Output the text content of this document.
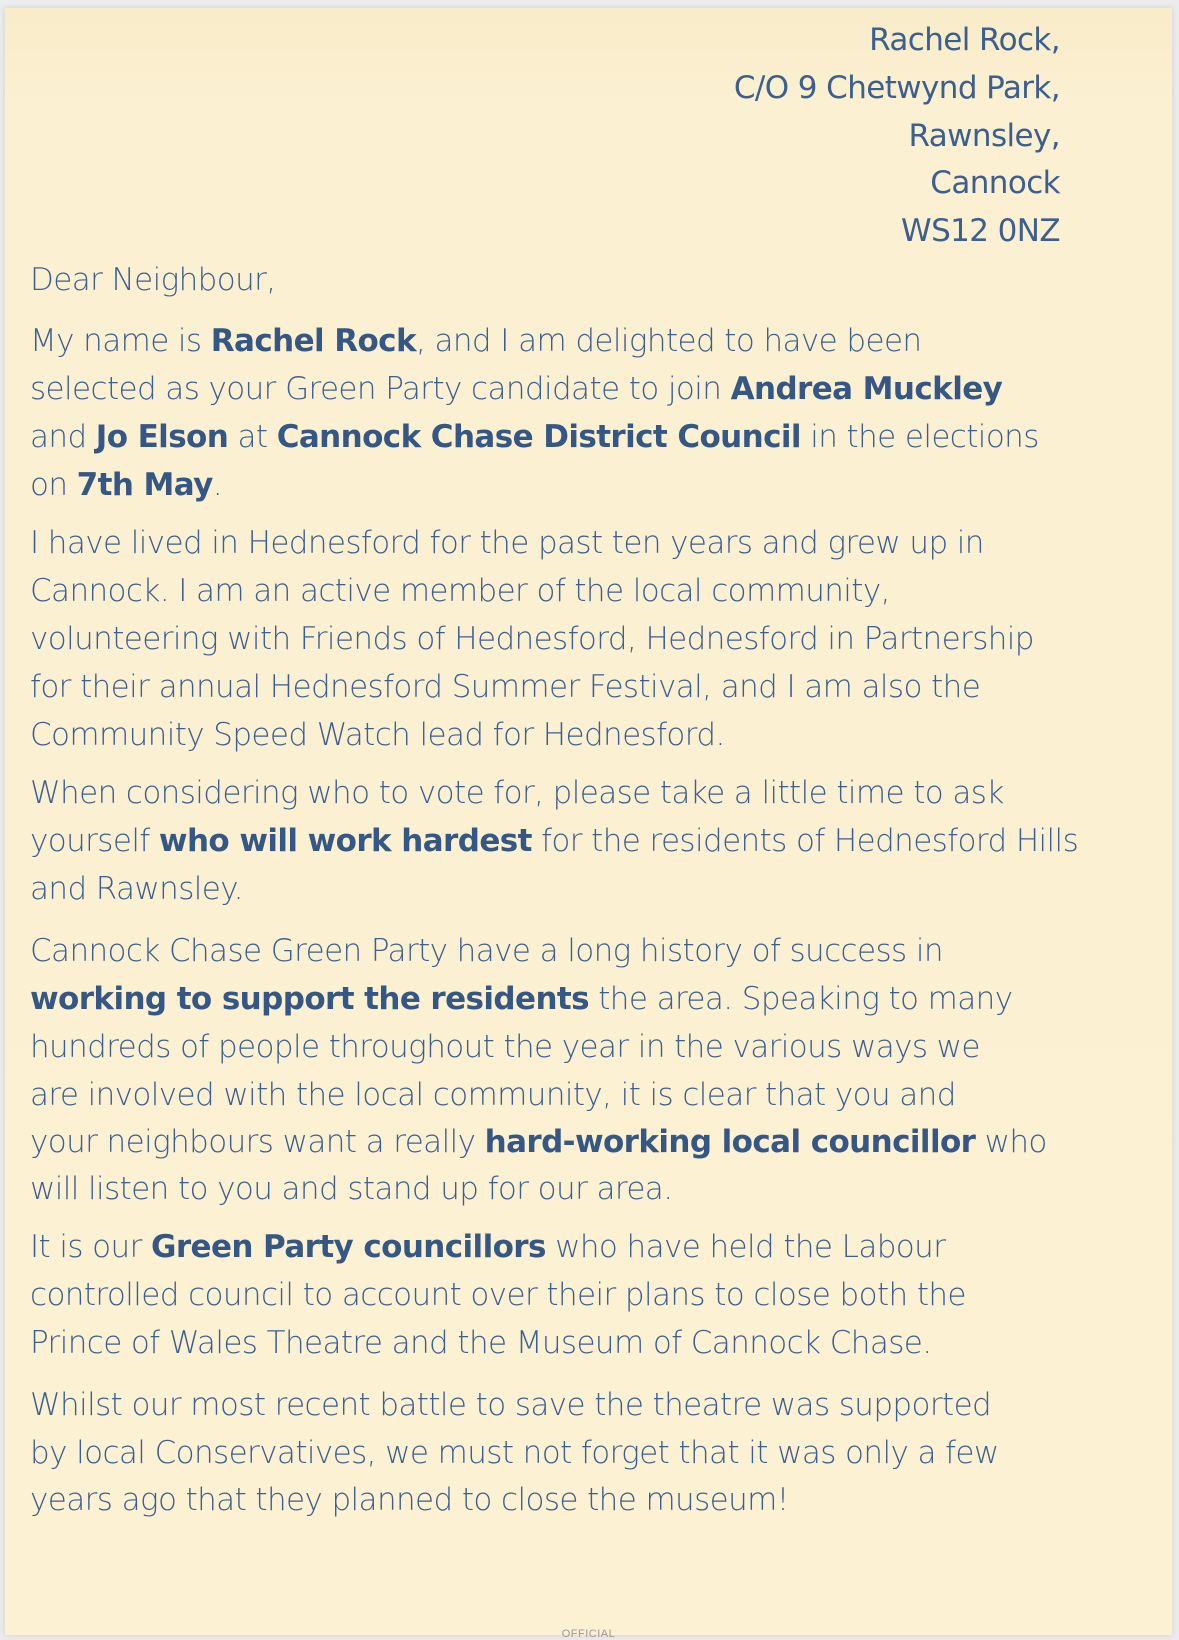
Rachel Rock,
C/O 9 Chetwynd Park,
Rawnsley,
Cannock
WS12 0NZ
Dear Neighbour,
My name is Rachel Rock, and I am delighted to have been
selected as your Green Party candidate to join Andrea Muckley
and Jo Elson at Cannock Chase District Council in the elections
on 7th May.
I have lived in Hednesford for the past ten years and grew up in
Cannock. I am an active member of the local community,
volunteering with Friends of Hednesford, Hednesford in Partnership
for their annual Hednesford Summer Festival, and I am also the
Community Speed Watch lead for Hednesford.
When considering who to vote for, please take a little time to ask
yourself who will work hardest for the residents of Hednesford Hills
and Rawnsley.
Cannock Chase Green Party have a long history of success in
working to support the residents the area. Speaking to many
hundreds of people throughout the year in the various ways we
are involved with the local community, it is clear that you and
your neighbours want a really hard-working local councillor who
will listen to you and stand up for our area.
It is our Green Party councillors who have held the Labour
controlled council to account over their plans to close both the
Prince of Wales Theatre and the Museum of Cannock Chase.
Whilst our most recent battle to save the theatre was supported
by local Conservatives, we must not forget that it was only a few
years ago that they planned to close the museum!
OFFICIAL
